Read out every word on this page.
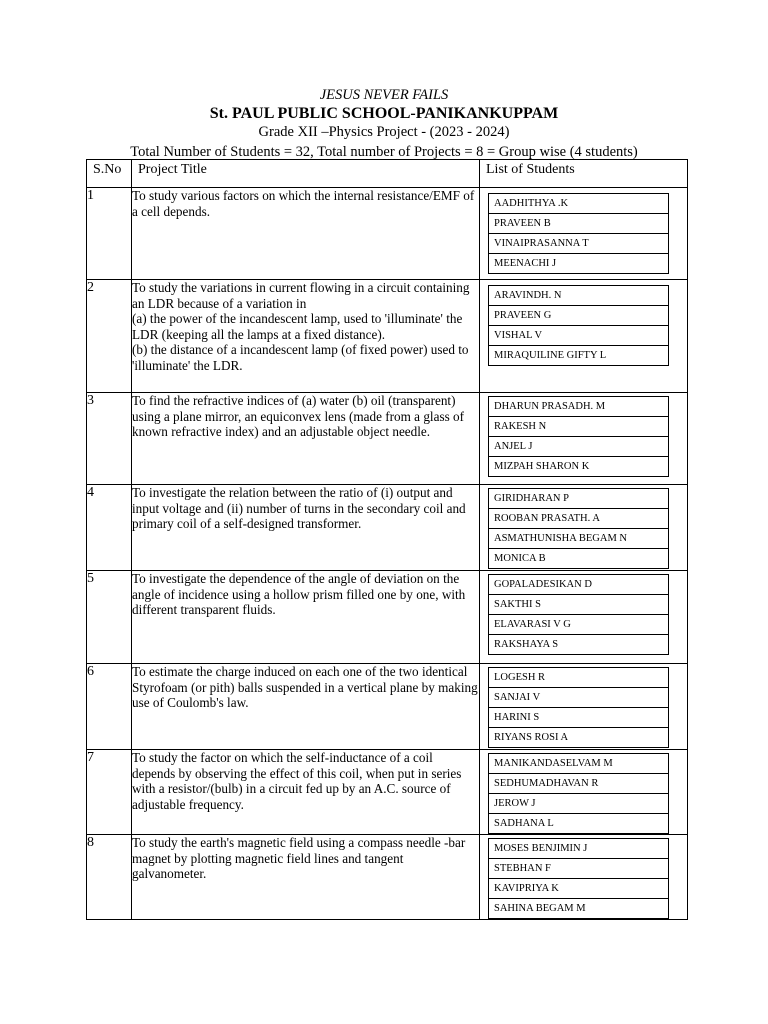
JESUS NEVER FAILS
St. PAUL PUBLIC SCHOOL-PANIKANKUPPAM
Grade XII –Physics Project - (2023 - 2024)
Total Number of Students = 32, Total number of Projects = 8 = Group wise (4 students)
S.No	Project Title	List of Students
1	To study various factors on which the internal resistance/EMF of a cell depends.		AADHITHYA .K
PRAVEEN B
VINAIPRASANNA T
MEENACHI J

2	To study the variations in current flowing in a circuit containing an LDR because of a variation in
(a) the power of the incandescent lamp, used to 'illuminate' the LDR (keeping all the lamps at a fixed distance).
(b) the distance of a incandescent lamp (of fixed power) used to 'illuminate' the LDR.	
ARAVINDH. N
PRAVEEN G
VISHAL V
MIRAQUILINE GIFTY L

3	To find the refractive indices of (a) water (b) oil (transparent) using a plane mirror, an equiconvex lens (made from a glass of known refractive index) and an adjustable object needle.	
DHARUN PRASADH. M
RAKESH N
ANJEL J
MIZPAH SHARON K

4	To investigate the relation between the ratio of (i) output and input voltage and (ii) number of turns in the secondary coil and primary coil of a self-designed transformer.	
GIRIDHARAN P
ROOBAN PRASATH. A
ASMATHUNISHA BEGAM N
MONICA B

5	To investigate the dependence of the angle of deviation on the angle of incidence using a hollow prism filled one by one, with different transparent fluids.	
GOPALADESIKAN D
SAKTHI S
ELAVARASI V G
RAKSHAYA S

6	To estimate the charge induced on each one of the two identical Styrofoam (or pith) balls suspended in a vertical plane by making use of Coulomb's law.	
LOGESH R
SANJAI V
HARINI S
RIYANS ROSI A

7	To study the factor on which the self-inductance of a coil depends by observing the effect of this coil, when put in series with a resistor/(bulb) in a circuit fed up by an A.C. source of adjustable frequency.	
MANIKANDASELVAM M
SEDHUMADHAVAN R
JEROW J
SADHANA L

8	To study the earth's magnetic field using a compass needle -bar magnet by plotting magnetic field lines and tangent galvanometer.	
MOSES BENJIMIN J
STEBHAN F
KAVIPRIYA K
SAHINA BEGAM M
